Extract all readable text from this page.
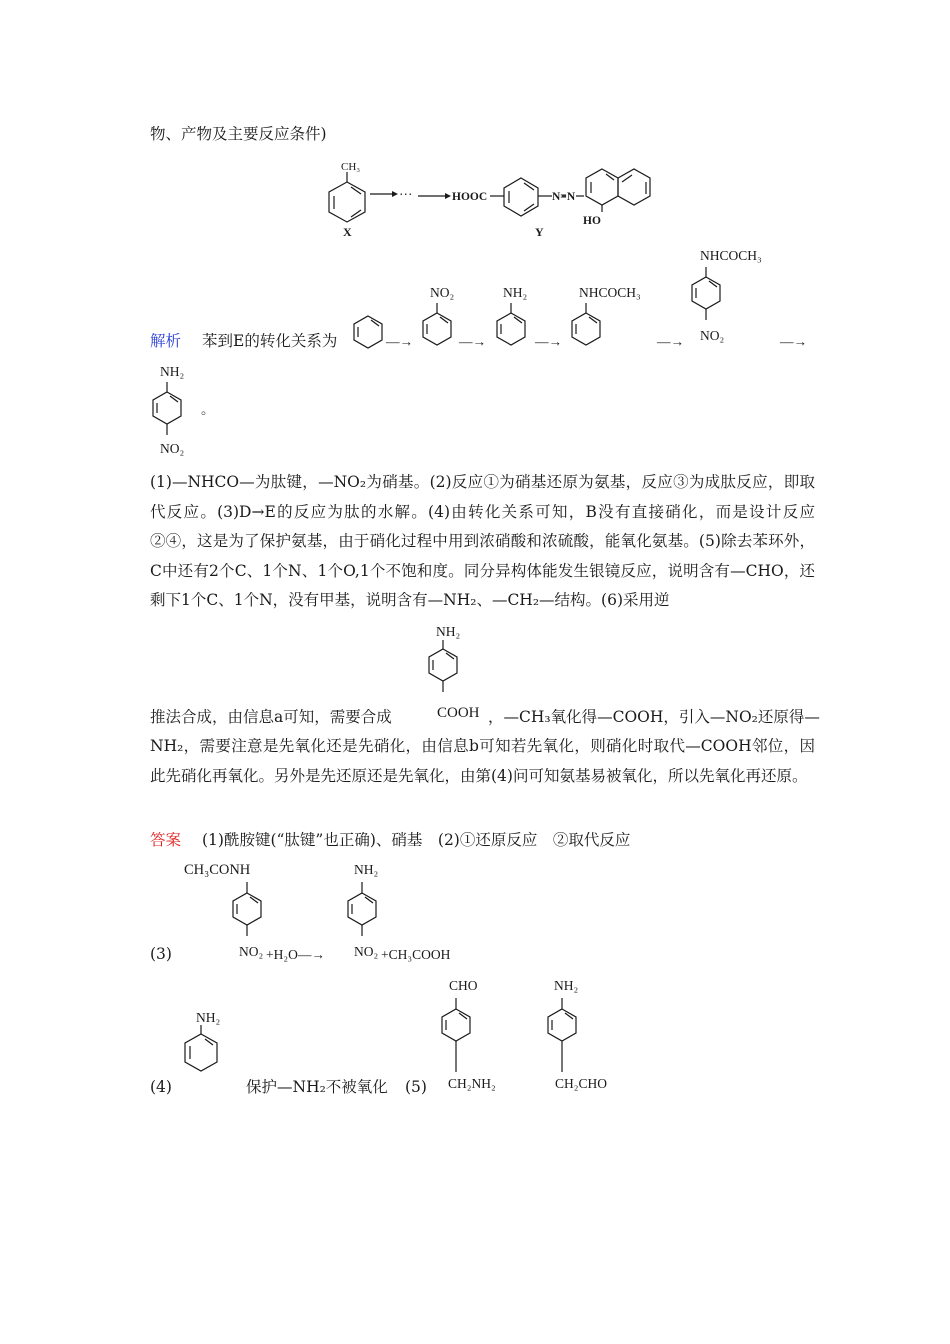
物、产物及主要反应条件)
CH₃
···	HOOC	N=N
HO
X	Y
解析 苯到E的转化关系为
NO₂	NH₂	NHCOCH₃
NHCOCH₃
NO₂
NH₂
NO₂
—→	—→	—→	—→	—→
。
(1)—NHCO—为肽键，—NO₂为硝基。(2)反应①为硝基还原为氨基，反应③为成肽反应，即取代反应。(3)D→E的反应为肽的水解。(4)由转化关系可知，B没有直接硝化，而是设计反应②④，这是为了保护氨基，由于硝化过程中用到浓硝酸和浓硫酸，能氧化氨基。(5)除去苯环外，C中还有2个C、1个N、1个O,1个不饱和度。同分异构体能发生银镜反应，说明含有—CHO，还剩下1个C、1个N，没有甲基，说明含有—NH₂、—CH₂—结构。(6)采用逆
NH₂
推法合成，由信息a可知，需要合成	COOH ，—CH₃氧化得—COOH，引入—NO₂还原得—
NH₂，需要注意是先氧化还是先硝化，由信息b可知若先氧化，则硝化时取代—COOH邻位，因此先硝化再氧化。另外是先还原还是先氧化，由第(4)问可知氨基易被氧化，所以先氧化再还原。
答案 (1)酰胺键(“肽键”也正确)、硝基　(2)①还原反应　②取代反应
(3)
(4)	保护—NH₂不被氧化 (5)
CH₃CONH	NH₂
NO₂ +H₂O—→ NO₂ +CH₃COOH
NH₂
CHO
CH₂NH₂
NH₂
CH₂CHO
